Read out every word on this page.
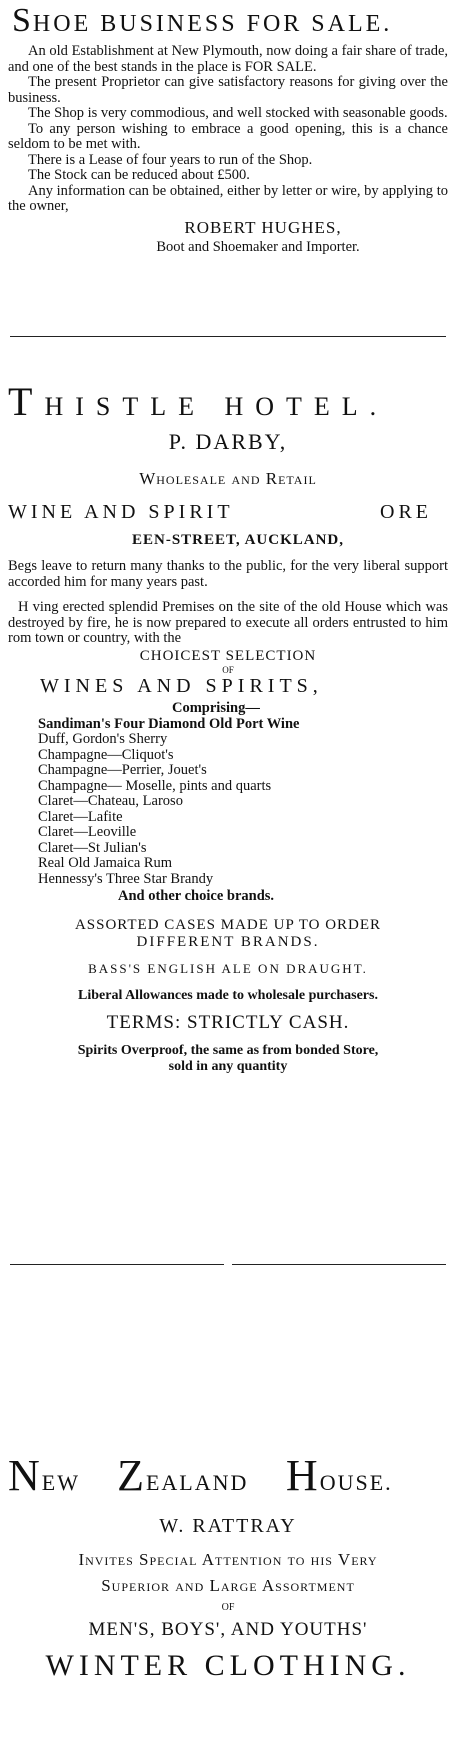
SHOE BUSINESS FOR SALE.

An old Establishment at New Plymouth, now doing a fair share of trade, and one of the best stands in the place is FOR SALE.

The present Proprietor can give satisfactory reasons for giving over the business.

The Shop is very commodious, and well stocked with seasonable goods.

To any person wishing to embrace a good opening, this is a chance seldom to be met with.

There is a Lease of four years to run of the Shop.

The Stock can be reduced about £500.

Any information can be obtained, either by letter or wire, by applying to the owner,

ROBERT HUGHES,
Boot and Shoemaker and Importer.
THISTLE HOTEL.
P. DARBY,
Wholesale and Retail
WINE AND SPIRIT	ORE
EEN-STREET, AUCKLAND,

Begs leave to return many thanks to the public, for the very liberal support accorded him for many years past.

H ving erected splendid Premises on the site of the old House which was destroyed by fire, he is now prepared to execute all orders entrusted to him rom town or country, with the

CHOICEST SELECTION
OF
WINES AND SPIRITS,
Comprising—
Sandiman's Four Diamond Old Port Wine
Duff, Gordon's Sherry
Champagne—Cliquot's
Champagne—Perrier, Jouet's
Champagne— Moselle, pints and quarts
Claret—Chateau, Laroso
Claret—Lafite
Claret—Leoville
Claret—St Julian's
Real Old Jamaica Rum
Hennessy's Three Star Brandy
And other choice brands.
ASSORTED CASES MADE UP TO ORDER
DIFFERENT BRANDS.
BASS'S ENGLISH ALE ON DRAUGHT.
Liberal Allowances made to wholesale purchasers.
TERMS: STRICTLY CASH.
Spirits Overproof, the same as from bonded Store,
sold in any quantity
NEW ZEALAND HOUSE.
W. RATTRAY
Invites Special Attention to his Very
Superior and Large Assortment
OF
MEN'S, BOYS', AND YOUTHS'
WINTER CLOTHING.
